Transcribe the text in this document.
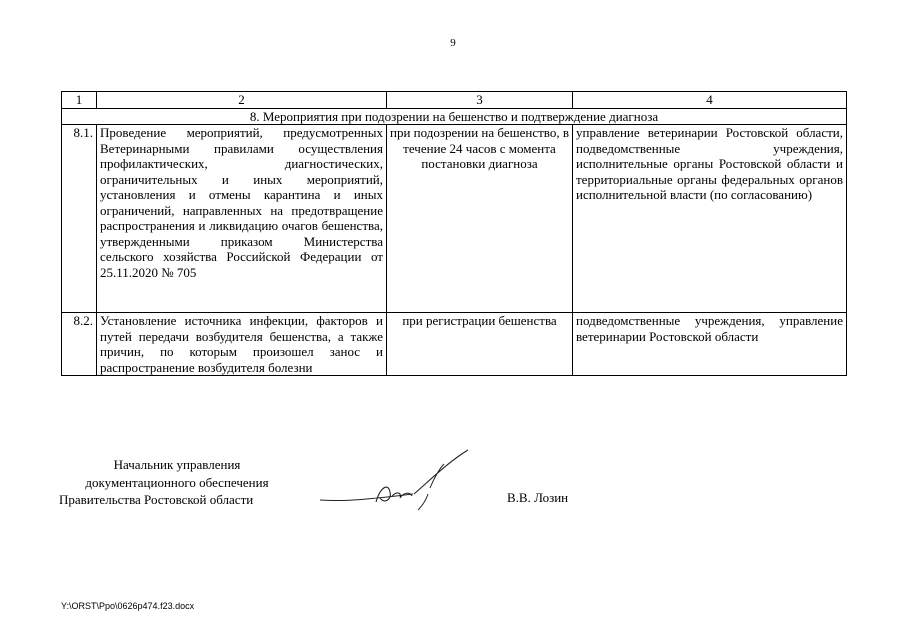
9
1	2	3	4
8. Мероприятия при подозрении на бешенство и подтверждение диагноза			
8.1.	Проведение мероприятий, предусмотренных Ветеринарными правилами осуществления профилактических, диагностических, ограничительных и иных мероприятий, установления и отмены карантина и иных ограничений, направленных на предотвращение распространения и ликвидацию очагов бешенства, утвержденными приказом Министерства сельского хозяйства Российской Федерации от 25.11.2020 № 705	при подозрении на бешенство, в течение 24 часов с момента постановки диагноза	управление ветеринарии Ростовской области, подведомственные учреждения, исполнительные органы Ростовской области и территориальные органы федеральных органов исполнительной власти (по согласованию)
8.2.	Установление источника инфекции, факторов и путей передачи возбудителя бешенства, а также причин, по которым произошел занос и распространение возбудителя болезни	при регистрации бешенства	подведомственные учреждения, управление ветеринарии Ростовской области
Начальник управления
документационного обеспечения
Правительства Ростовской области	В.В. Лозин
Y:\ORST\Ppo\0626p474.f23.docx
